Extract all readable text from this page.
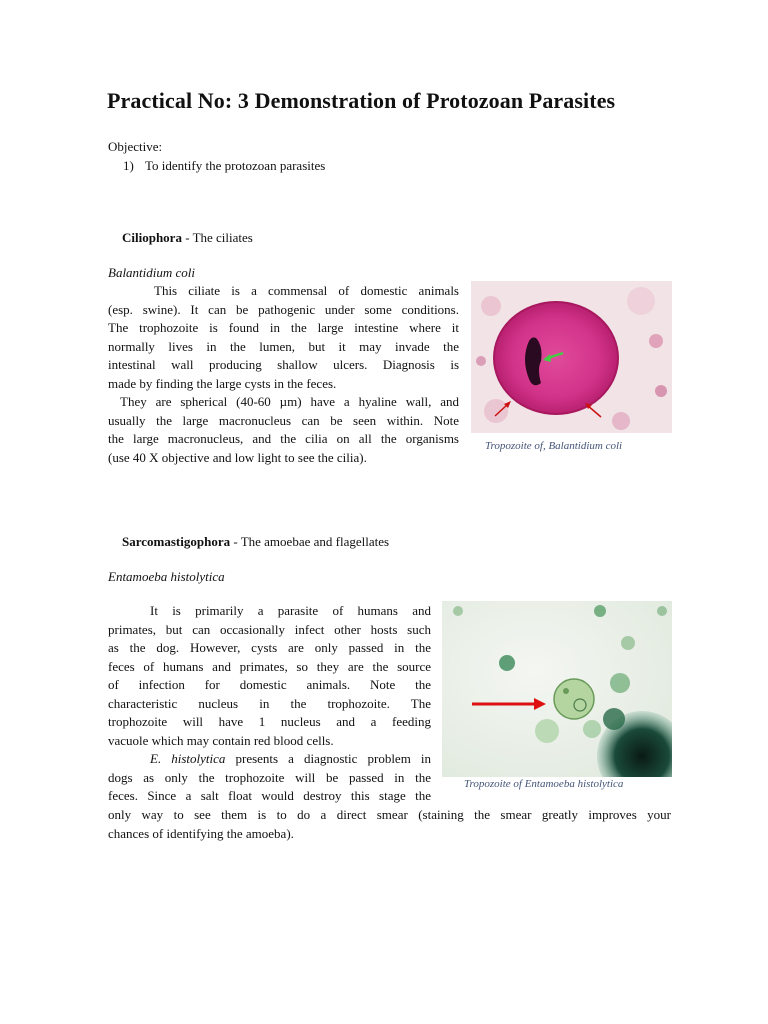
Practical No: 3 Demonstration of Protozoan Parasites
Objective:
1) To identify the protozoan parasites
Ciliophora - The ciliates
Balantidium coli
This ciliate is a commensal of domestic animals
(esp. swine). It can be pathogenic under some conditions.
The trophozoite is found in the large intestine where it
normally lives in the lumen, but it may invade the
intestinal wall producing shallow ulcers. Diagnosis is
made by finding the large cysts in the feces.
They are spherical (40-60 µm) have a hyaline wall, and
usually the large macronucleus can be seen within. Note
the large macronucleus, and the cilia on all the organisms
(use 40 X objective and low light to see the cilia).
Tropozoite of, Balantidium coli
Sarcomastigophora - The amoebae and flagellates
Entamoeba histolytica
It is primarily a parasite of humans and
primates, but can occasionally infect other hosts such
as the dog. However, cysts are only passed in the
feces of humans and primates, so they are the source
of infection for domestic animals. Note the
characteristic nucleus in the trophozoite. The
trophozoite will have 1 nucleus and a feeding
vacuole which may contain red blood cells.
E. histolytica presents a diagnostic problem in
dogs as only the trophozoite will be passed in the
feces. Since a salt float would destroy this stage the
only way to see them is to do a direct smear (staining the smear greatly improves your
chances of identifying the amoeba).
Tropozoite of Entamoeba histolytica
